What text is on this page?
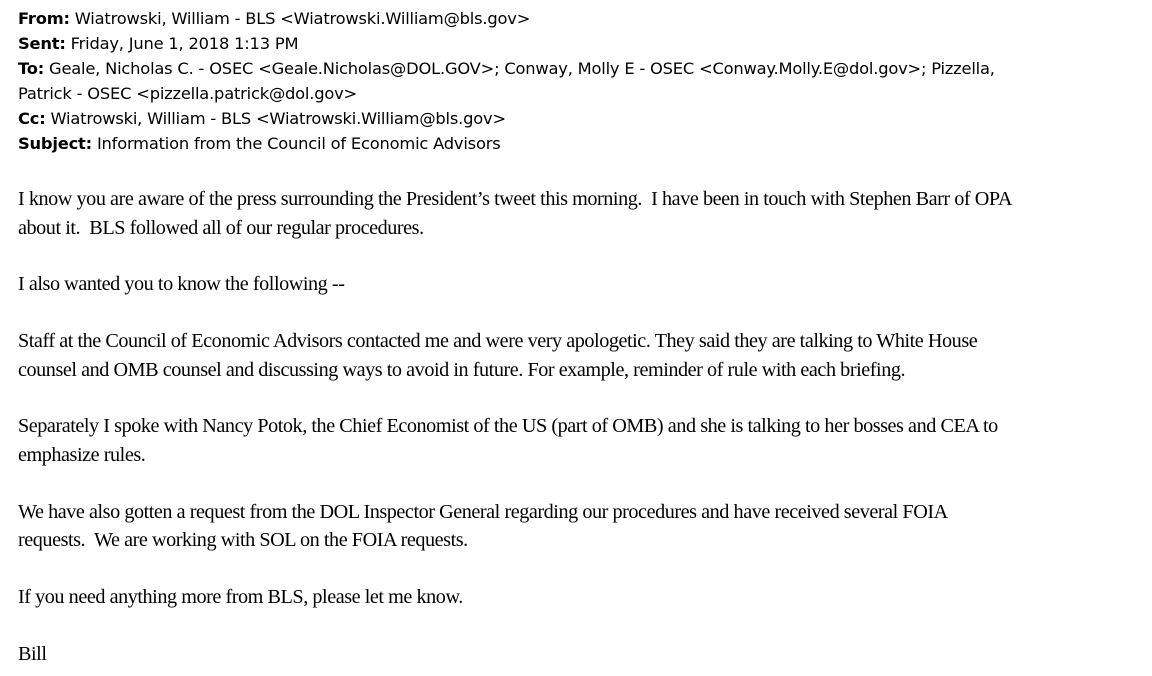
From: Wiatrowski, William - BLS <Wiatrowski.William@bls.gov>
Sent: Friday, June 1, 2018 1:13 PM
To: Geale, Nicholas C. - OSEC <Geale.Nicholas@DOL.GOV>; Conway, Molly E - OSEC <Conway.Molly.E@dol.gov>; Pizzella,
Patrick - OSEC <pizzella.patrick@dol.gov>
Cc: Wiatrowski, William - BLS <Wiatrowski.William@bls.gov>
Subject: Information from the Council of Economic Advisors

I know you are aware of the press surrounding the President’s tweet this morning.  I have been in touch with Stephen Barr of OPA
about it.  BLS followed all of our regular procedures.

I also wanted you to know the following --

Staff at the Council of Economic Advisors contacted me and were very apologetic. They said they are talking to White House
counsel and OMB counsel and discussing ways to avoid in future. For example, reminder of rule with each briefing.

Separately I spoke with Nancy Potok, the Chief Economist of the US (part of OMB) and she is talking to her bosses and CEA to
emphasize rules.

We have also gotten a request from the DOL Inspector General regarding our procedures and have received several FOIA
requests.  We are working with SOL on the FOIA requests.

If you need anything more from BLS, please let me know.

Bill
